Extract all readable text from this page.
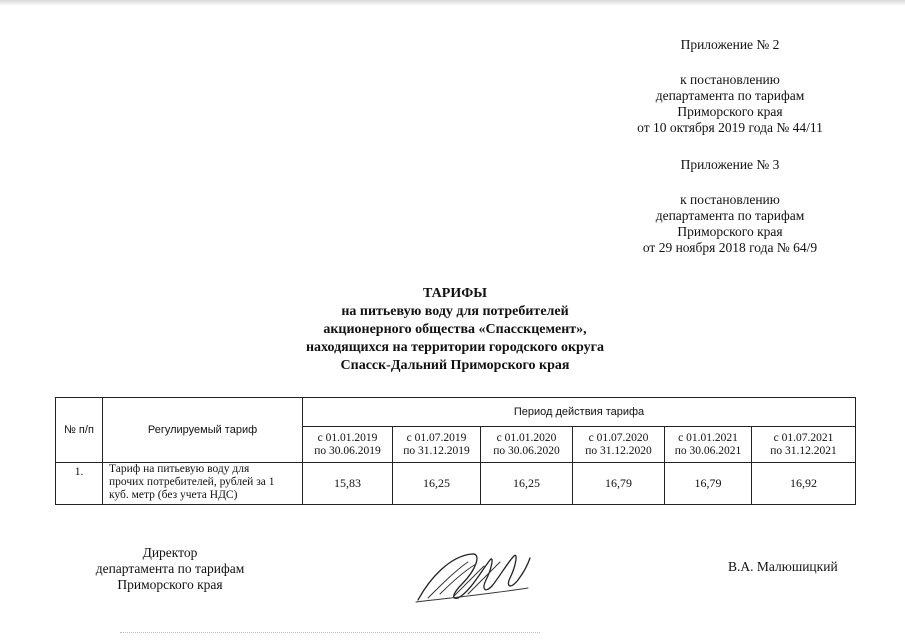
Приложение № 2
к постановлению
департамента по тарифам
Приморского края
от 10 октября 2019 года № 44/11
Приложение № 3
к постановлению
департамента по тарифам
Приморского края
от 29 ноября 2018 года № 64/9
ТАРИФЫ
на питьевую воду для потребителей
акционерного общества «Спасскцемент»,
находящихся на территории городского округа
Спасск-Дальний Приморского края
№ п/п	Регулируемый тариф	Период действия тарифа					

		с 01.01.2019
по 30.06.2019	с 01.07.2019
по 31.12.2019	с 01.01.2020
по 30.06.2020	с 01.07.2020
по 31.12.2020	с 01.01.2021
по 30.06.2021	с 01.07.2021
по 31.12.2021

1.	Тариф на питьевую воду для
прочих потребителей, рублей за 1
куб. метр (без учета НДС)	15,83	16,25	16,25	16,79	16,79	16,92
Директор
департамента по тарифам
Приморского края
В.А. Малюшицкий
